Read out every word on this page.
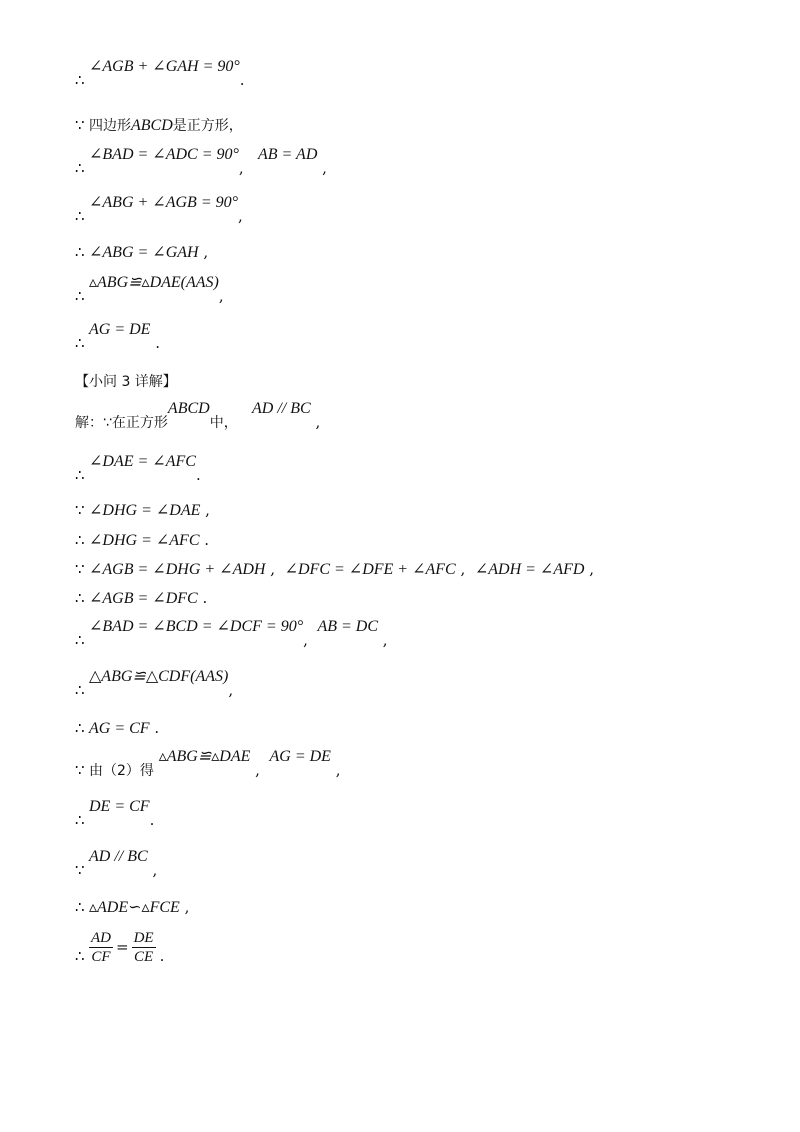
∴∠AGB + ∠GAH = 90°.
∵ 四边形ABCD是正方形，
∴∠BAD = ∠ADC = 90°,   AB = AD ,
∴∠ABG + ∠AGB = 90°,
∴ ∠ABG = ∠GAH ,
∴▵ABG≌▵DAE(AAS),
∴AG = DE .
【小问 3 详解】
解：∵在正方形ABCD中，   AD // BC ,
∴∠DAE = ∠AFC.
∵ ∠DHG = ∠DAE ,
∴ ∠DHG = ∠AFC .
∵ ∠AGB = ∠DHG + ∠ADH , ∠DFC = ∠DFE + ∠AFC , ∠ADH = ∠AFD ,
∴ ∠AGB = ∠DFC .
∴∠BAD = ∠BCD = ∠DCF = 90°,  AB = DC ,
∴△ABG≌△CDF(AAS),
∴ AG = CF .
∵ 由（2）得 ▵ABG≌▵DAE ,  AG = DE ,
∴DE = CF.
∵AD // BC ,
∴ ▵ADE∽▵FCE ,
∴ $\frac{AD}{CF} = \frac{DE}{CE}$ .
